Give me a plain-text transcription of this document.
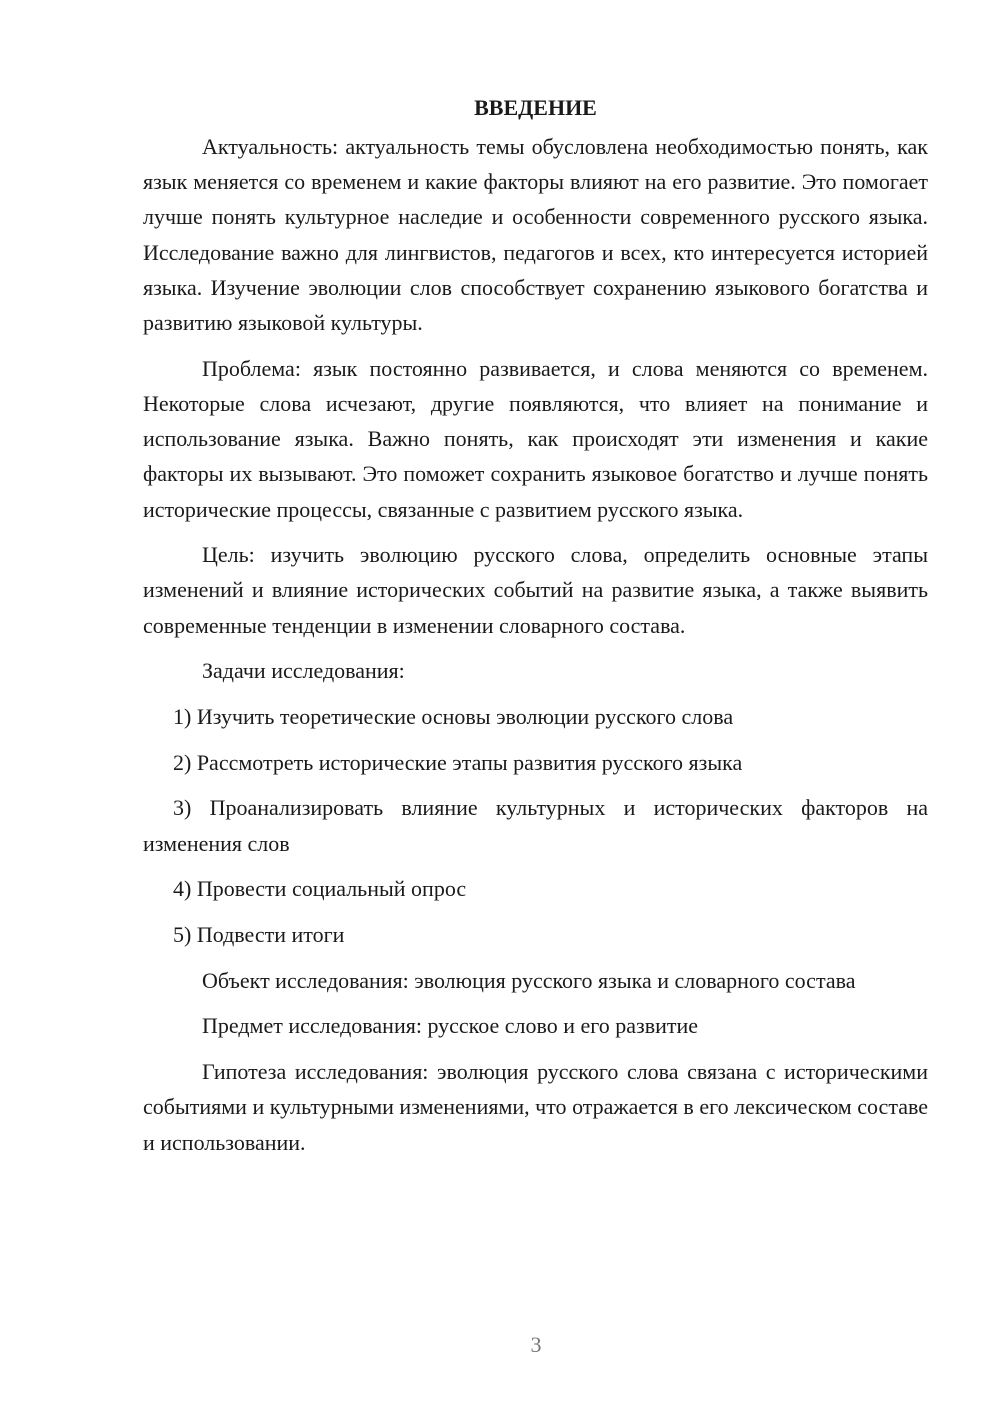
ВВЕДЕНИЕ

Актуальность: актуальность темы обусловлена необходимостью понять, как язык меняется со временем и какие факторы влияют на его развитие. Это помогает лучше понять культурное наследие и особенности современного русского языка. Исследование важно для лингвистов, педагогов и всех, кто интересуется историей языка. Изучение эволюции слов способствует сохранению языкового богатства и развитию языковой культуры.

Проблема: язык постоянно развивается, и слова меняются со временем. Некоторые слова исчезают, другие появляются, что влияет на понимание и использование языка. Важно понять, как происходят эти изменения и какие факторы их вызывают. Это поможет сохранить языковое богатство и лучше понять исторические процессы, связанные с развитием русского языка.

Цель: изучить эволюцию русского слова, определить основные этапы изменений и влияние исторических событий на развитие языка, а также выявить современные тенденции в изменении словарного состава.

Задачи исследования:

1) Изучить теоретические основы эволюции русского слова

2) Рассмотреть исторические этапы развития русского языка

3) Проанализировать влияние культурных и исторических факторов на изменения слов

4) Провести социальный опрос

5) Подвести итоги

Объект исследования: эволюция русского языка и словарного состава

Предмет исследования: русское слово и его развитие

Гипотеза исследования: эволюция русского слова связана с историческими событиями и культурными изменениями, что отражается в его лексическом составе и использовании.

3
